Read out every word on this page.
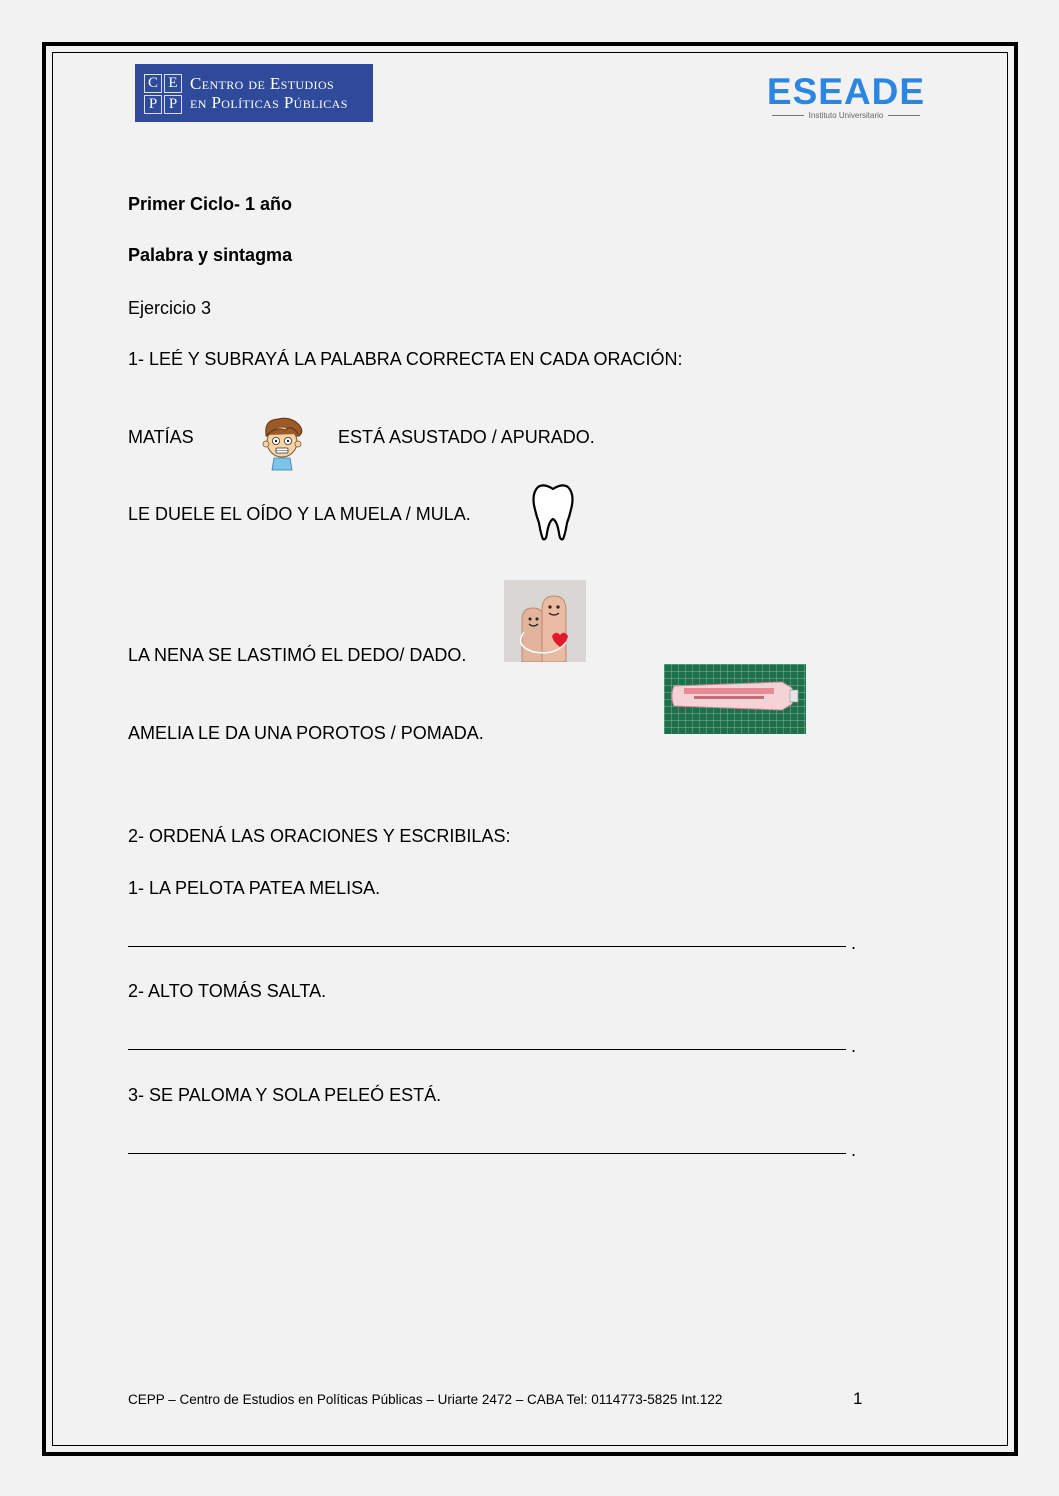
C E
P P
Centro de Estudios
en Políticas Públicas	ESEADE
Instituto Universitario
Primer Ciclo- 1 año
Palabra y sintagma
Ejercicio 3
1- LEÉ Y SUBRAYÁ LA PALABRA CORRECTA EN CADA ORACIÓN:
MATÍAS	ESTÁ ASUSTADO / APURADO.
LE DUELE EL OÍDO Y LA MUELA / MULA.
LA NENA SE LASTIMÓ EL DEDO/ DADO.
AMELIA LE DA UNA POROTOS / POMADA.
2- ORDENÁ LAS ORACIONES Y ESCRIBILAS:
1- LA PELOTA PATEA MELISA.
.
2- ALTO TOMÁS SALTA.
.
3- SE PALOMA Y SOLA PELEÓ ESTÁ.
.
CEPP – Centro de Estudios en Políticas Públicas – Uriarte 2472 – CABA Tel: 0114773-5825 Int.122	1
